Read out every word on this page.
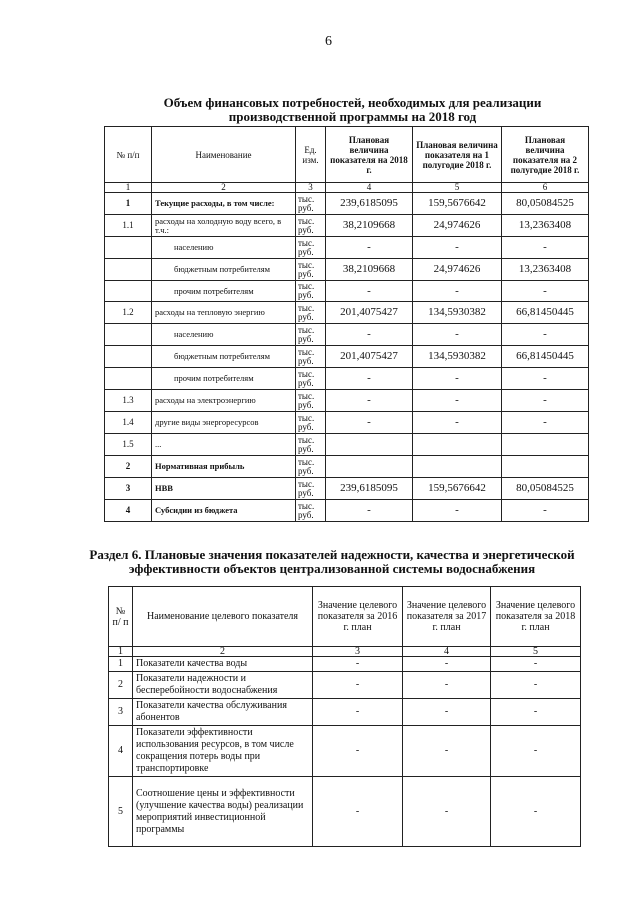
6
Объем финансовых потребностей, необходимых для реализации производственной программы на 2018 год
№ п/п	Наименование	Ед. изм.	Плановая величина показателя на 2018 г.	Плановая величина показателя на 1 полугодие 2018 г.	Плановая величина показателя на 2 полугодие 2018 г.
1	2	3	4	5	6
1	Текущие расходы, в том числе:	тыс. руб.	239,6185095	159,5676642	80,05084525
1.1	расходы на холодную воду всего, в т.ч.:	тыс. руб.	38,2109668	24,974626	13,2363408
	населению	тыс. руб.	-	-	-
	бюджетным потребителям	тыс. руб.	38,2109668	24,974626	13,2363408
	прочим потребителям	тыс. руб.	-	-	-
1.2	расходы на тепловую энергию	тыс. руб.	201,4075427	134,5930382	66,81450445
	населению	тыс. руб.	-	-	-
	бюджетным потребителям	тыс. руб.	201,4075427	134,5930382	66,81450445
	прочим потребителям	тыс. руб.	-	-	-
1.3	расходы на электроэнергию	тыс. руб.	-	-	-
1.4	другие виды энергоресурсов	тыс. руб.	-	-	-
1.5	...	тыс. руб.			
2	Нормативная прибыль	тыс. руб.			
3	НВВ	тыс. руб.	239,6185095	159,5676642	80,05084525
4	Субсидии из бюджета	тыс. руб.	-	-	-
Раздел 6. Плановые значения показателей надежности, качества и энергетической эффективности объектов централизованной системы водоснабжения
№ п/ п	Наименование целевого показателя	Значение целевого показателя за 2016 г. план	Значение целевого показателя за 2017 г. план	Значение целевого показателя за 2018 г. план
1	2	3	4	5
1	Показатели качества воды	-	-	-
2	Показатели надежности и бесперебойности водоснабжения	-	-	-
3	Показатели качества обслуживания абонентов	-	-	-
4	Показатели эффективности использования ресурсов, в том числе сокращения потерь воды при транспортировке	-	-	-
5	Соотношение цены и эффективности (улучшение качества воды) реализации мероприятий инвестиционной программы	-	-	-
